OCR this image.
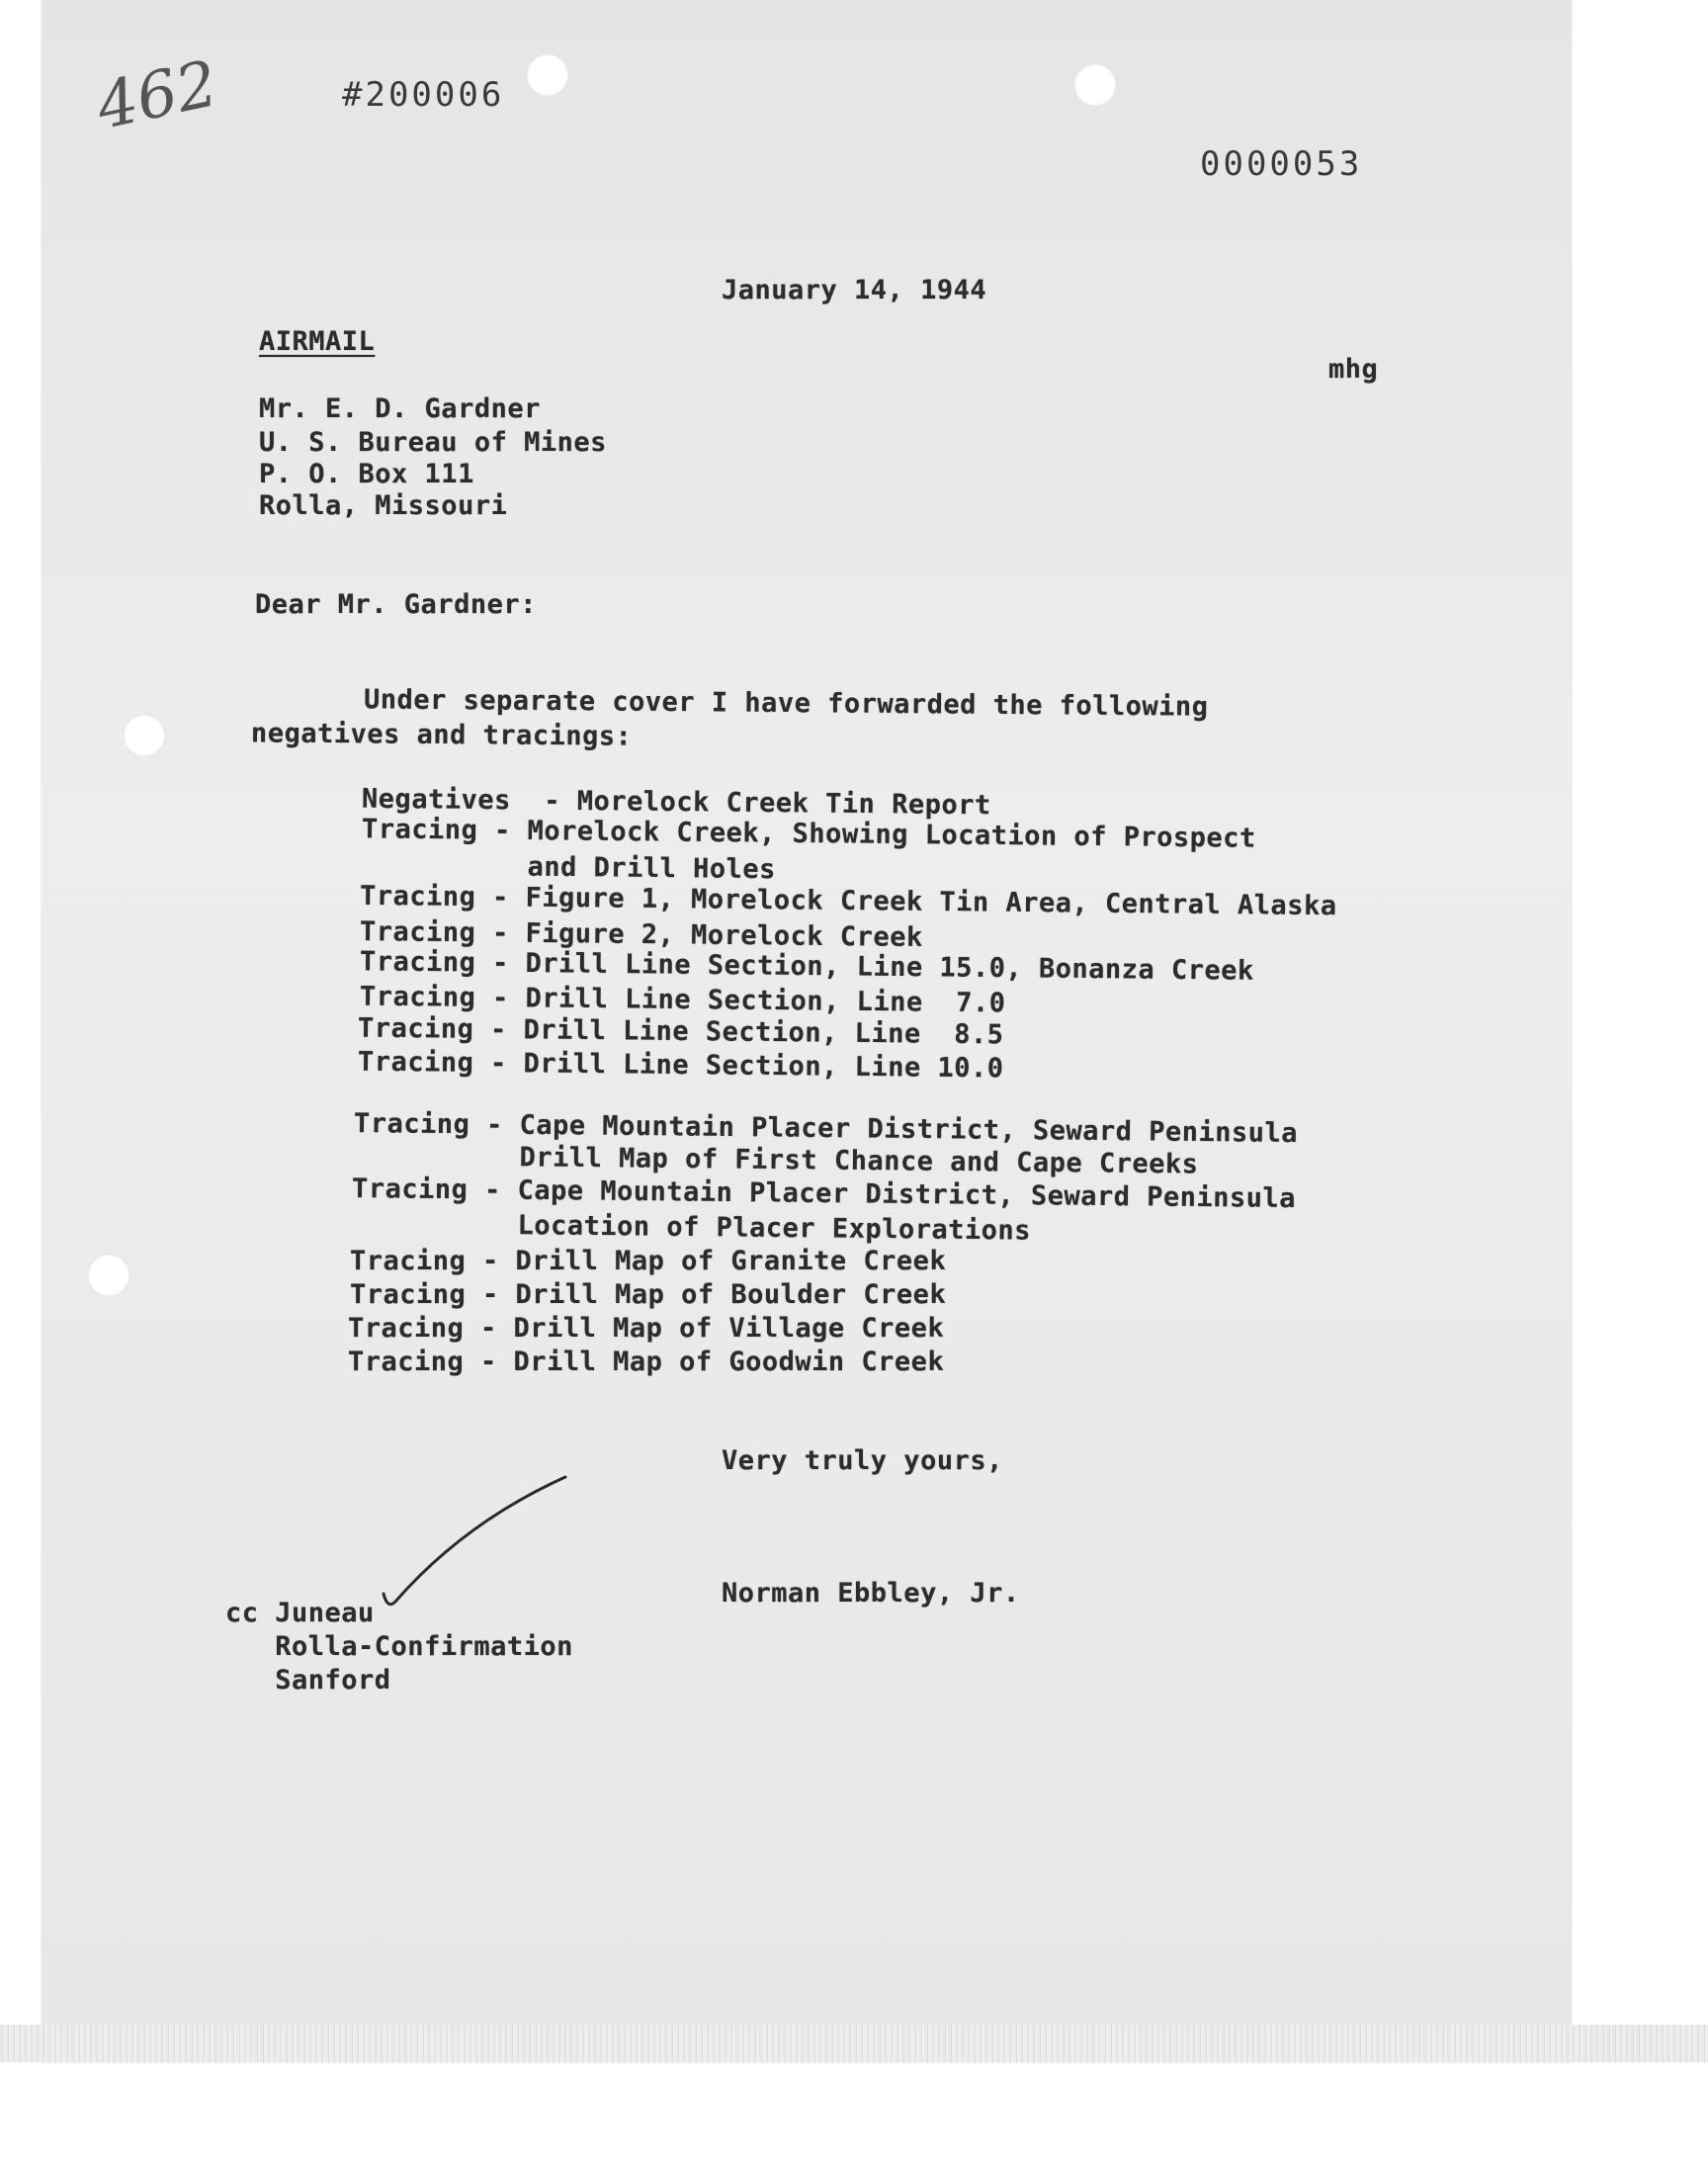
462	#200006
0000053
January 14, 1944
AIRMAIL
mhg
Mr. E. D. Gardner
U. S. Bureau of Mines
P. O. Box 111
Rolla, Missouri
Dear Mr. Gardner:
Under separate cover I have forwarded the following
negatives and tracings:
Negatives  - Morelock Creek Tin Report
Tracing - Morelock Creek, Showing Location of Prospect
and Drill Holes
Tracing - Figure 1, Morelock Creek Tin Area, Central Alaska
Tracing - Figure 2, Morelock Creek
Tracing - Drill Line Section, Line 15.0, Bonanza Creek
Tracing - Drill Line Section, Line  7.0
Tracing - Drill Line Section, Line  8.5
Tracing - Drill Line Section, Line 10.0
Tracing - Cape Mountain Placer District, Seward Peninsula
Drill Map of First Chance and Cape Creeks
Tracing - Cape Mountain Placer District, Seward Peninsula
Location of Placer Explorations
Tracing - Drill Map of Granite Creek
Tracing - Drill Map of Boulder Creek
Tracing - Drill Map of Village Creek
Tracing - Drill Map of Goodwin Creek
Very truly yours,
Norman Ebbley, Jr.
cc Juneau
Rolla-Confirmation
Sanford
